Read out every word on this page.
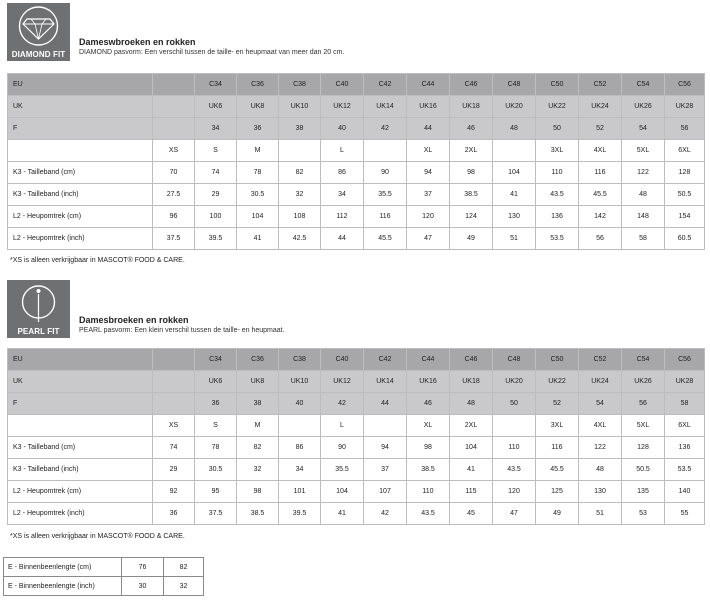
DIAMOND FIT
Dameswbroeken en rokken
DIAMOND pasvorm: Een verschil tussen de taille- en heupmaat van meer dan 20 cm.
EU		C34	C36	C38	C40	C42	C44	C46	C48	C50	C52	C54	C56
UK		UK6	UK8	UK10	UK12	UK14	UK16	UK18	UK20	UK22	UK24	UK26	UK28
F		34	36	38	40	42	44	46	48	50	52	54	56
	XS	S	M		L		XL	2XL		3XL	4XL	5XL	6XL
K3 - Tailleband (cm)	70	74	78	82	86	90	94	98	104	110	116	122	128
K3 - Tailleband (inch)	27.5	29	30.5	32	34	35.5	37	38.5	41	43.5	45.5	48	50.5
L2 - Heupomtrek (cm)	96	100	104	108	112	116	120	124	130	136	142	148	154
L2 - Heupomtrek (inch)	37.5	39.5	41	42.5	44	45.5	47	49	51	53.5	56	58	60.5
*XS is alleen verkrijgbaar in MASCOT® FOOD & CARE.
PEARL FIT
Damesbroeken en rokken
PEARL pasvorm: Een klein verschil tussen de taille- en heupmaat.
EU		C34	C36	C38	C40	C42	C44	C46	C48	C50	C52	C54	C56
UK		UK6	UK8	UK10	UK12	UK14	UK16	UK18	UK20	UK22	UK24	UK26	UK28
F		36	38	40	42	44	46	48	50	52	54	56	58
	XS	S	M		L		XL	2XL		3XL	4XL	5XL	6XL
K3 - Tailleband (cm)	74	78	82	86	90	94	98	104	110	116	122	128	136
K3 - Tailleband (inch)	29	30.5	32	34	35.5	37	38.5	41	43.5	45.5	48	50.5	53.5
L2 - Heupomtrek (cm)	92	95	98	101	104	107	110	115	120	125	130	135	140
L2 - Heupomtrek (inch)	36	37.5	38.5	39.5	41	42	43.5	45	47	49	51	53	55
*XS is alleen verkrijgbaar in MASCOT® FOOD & CARE.
E - Binnenbeenlengte (cm)	76	82
E - Binnenbeenlengte (inch)	30	32
